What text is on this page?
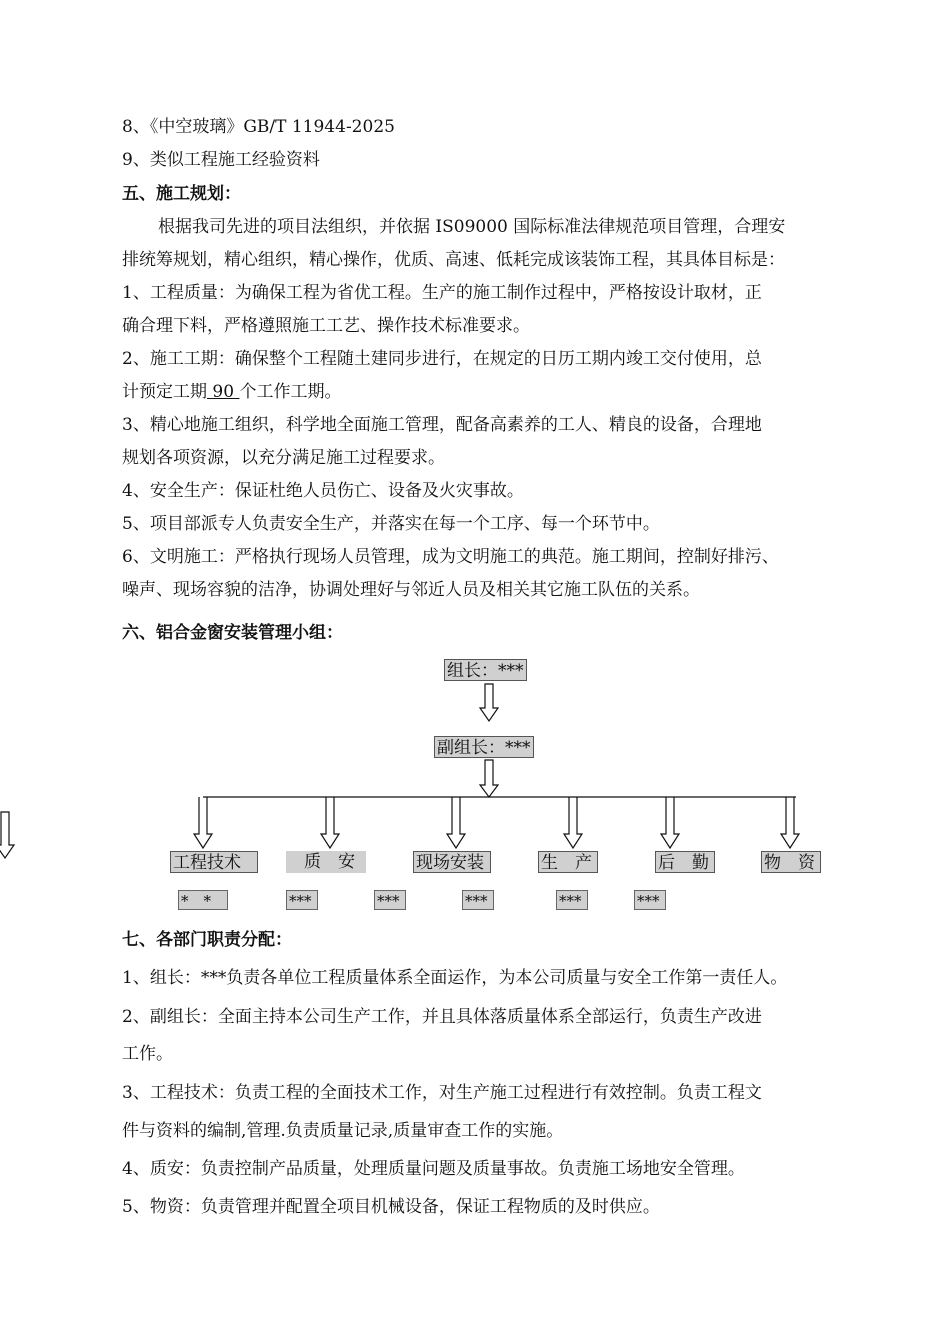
8、《中空玻璃》GB/T 11944-2025
9、类似工程施工经验资料
五、施工规划：
根据我司先进的项目法组织，并依据 IS09000 国际标准法律规范项目管理，合理安
排统筹规划，精心组织，精心操作，优质、高速、低耗完成该装饰工程，其具体目标是：
1、工程质量：为确保工程为省优工程。生产的施工制作过程中，严格按设计取材，正
确合理下料，严格遵照施工工艺、操作技术标准要求。
2、施工工期：确保整个工程随土建同步进行，在规定的日历工期内竣工交付使用，总
计预定工期 90 个工作工期。
3、精心地施工组织，科学地全面施工管理，配备高素养的工人、精良的设备，合理地
规划各项资源，以充分满足施工过程要求。
4、安全生产：保证杜绝人员伤亡、设备及火灾事故。
5、项目部派专人负责安全生产，并落实在每一个工序、每一个环节中。
6、文明施工：严格执行现场人员管理，成为文明施工的典范。施工期间，控制好排污、
噪声、现场容貌的洁净，协调处理好与邻近人员及相关其它施工队伍的关系。
六、铝合金窗安装管理小组：
组长：***
副组长：***
工程技术	质　安	现场安装	生　产	后　勤	物　资
*　*	***	***	***	***	***
七、各部门职责分配：
1、组长：***负责各单位工程质量体系全面运作，为本公司质量与安全工作第一责任人。
2、副组长：全面主持本公司生产工作，并且具体落质量体系全部运行，负责生产改进
工作。
3、工程技术：负责工程的全面技术工作，对生产施工过程进行有效控制。负责工程文
件与资料的编制,管理.负责质量记录,质量审查工作的实施。
4、质安：负责控制产品质量，处理质量问题及质量事故。负责施工场地安全管理。
5、物资：负责管理并配置全项目机械设备，保证工程物质的及时供应。
